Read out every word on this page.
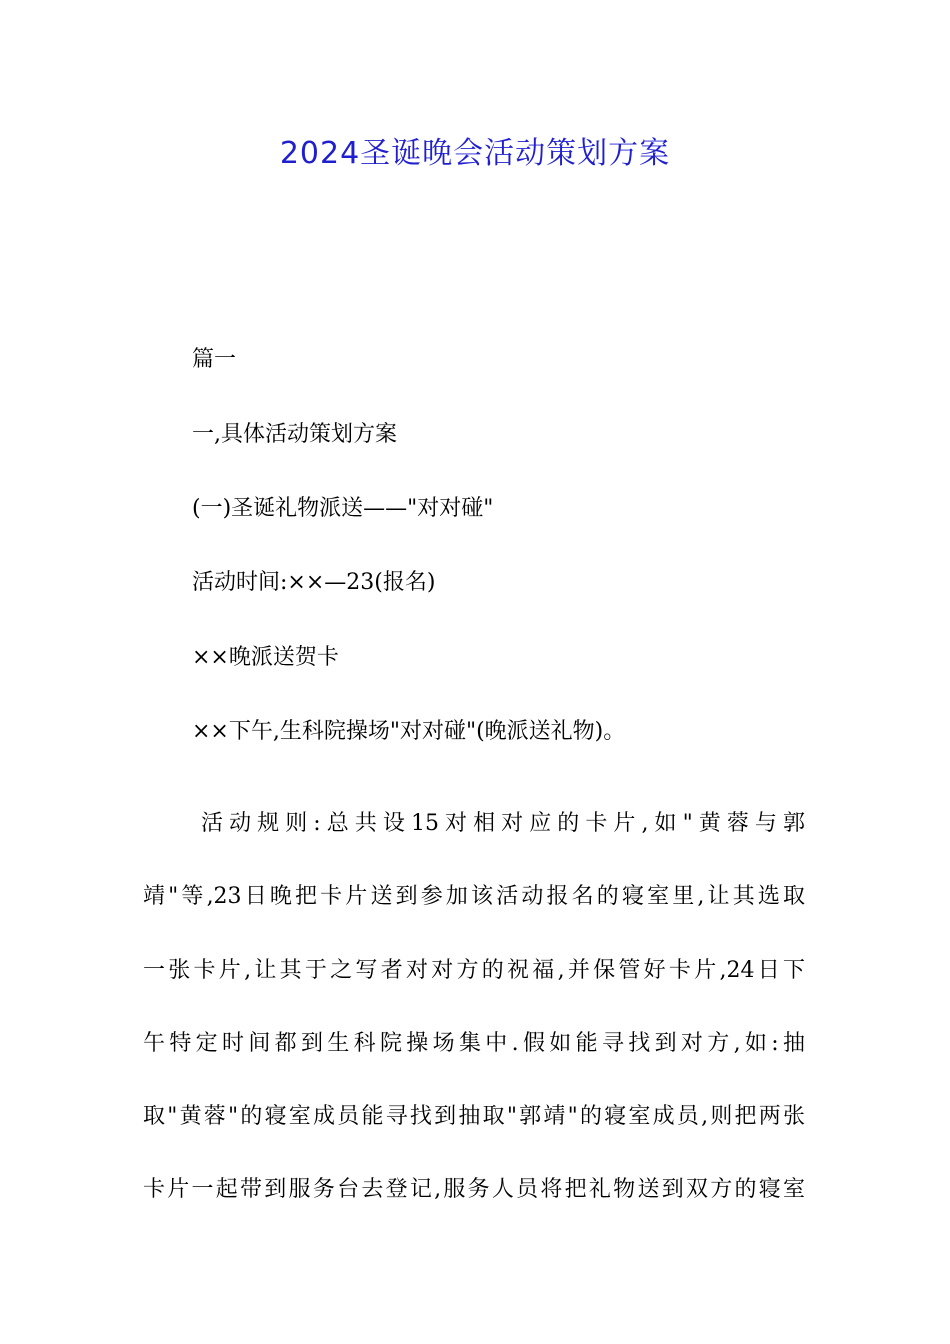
2024圣诞晚会活动策划方案

篇一

一,具体活动策划方案

(一)圣诞礼物派送——"对对碰"

活动时间:××—23(报名)

××晚派送贺卡

××下午,生科院操场"对对碰"(晚派送礼物)。

活动规则:总共设15对相对应的卡片,如"黄蓉与郭
靖"等,23日晚把卡片送到参加该活动报名的寝室里,让其选取
一张卡片,让其于之写者对对方的祝福,并保管好卡片,24日下
午特定时间都到生科院操场集中.假如能寻找到对方,如:抽
取"黄蓉"的寝室成员能寻找到抽取"郭靖"的寝室成员,则把两张
卡片一起带到服务台去登记,服务人员将把礼物送到双方的寝室
